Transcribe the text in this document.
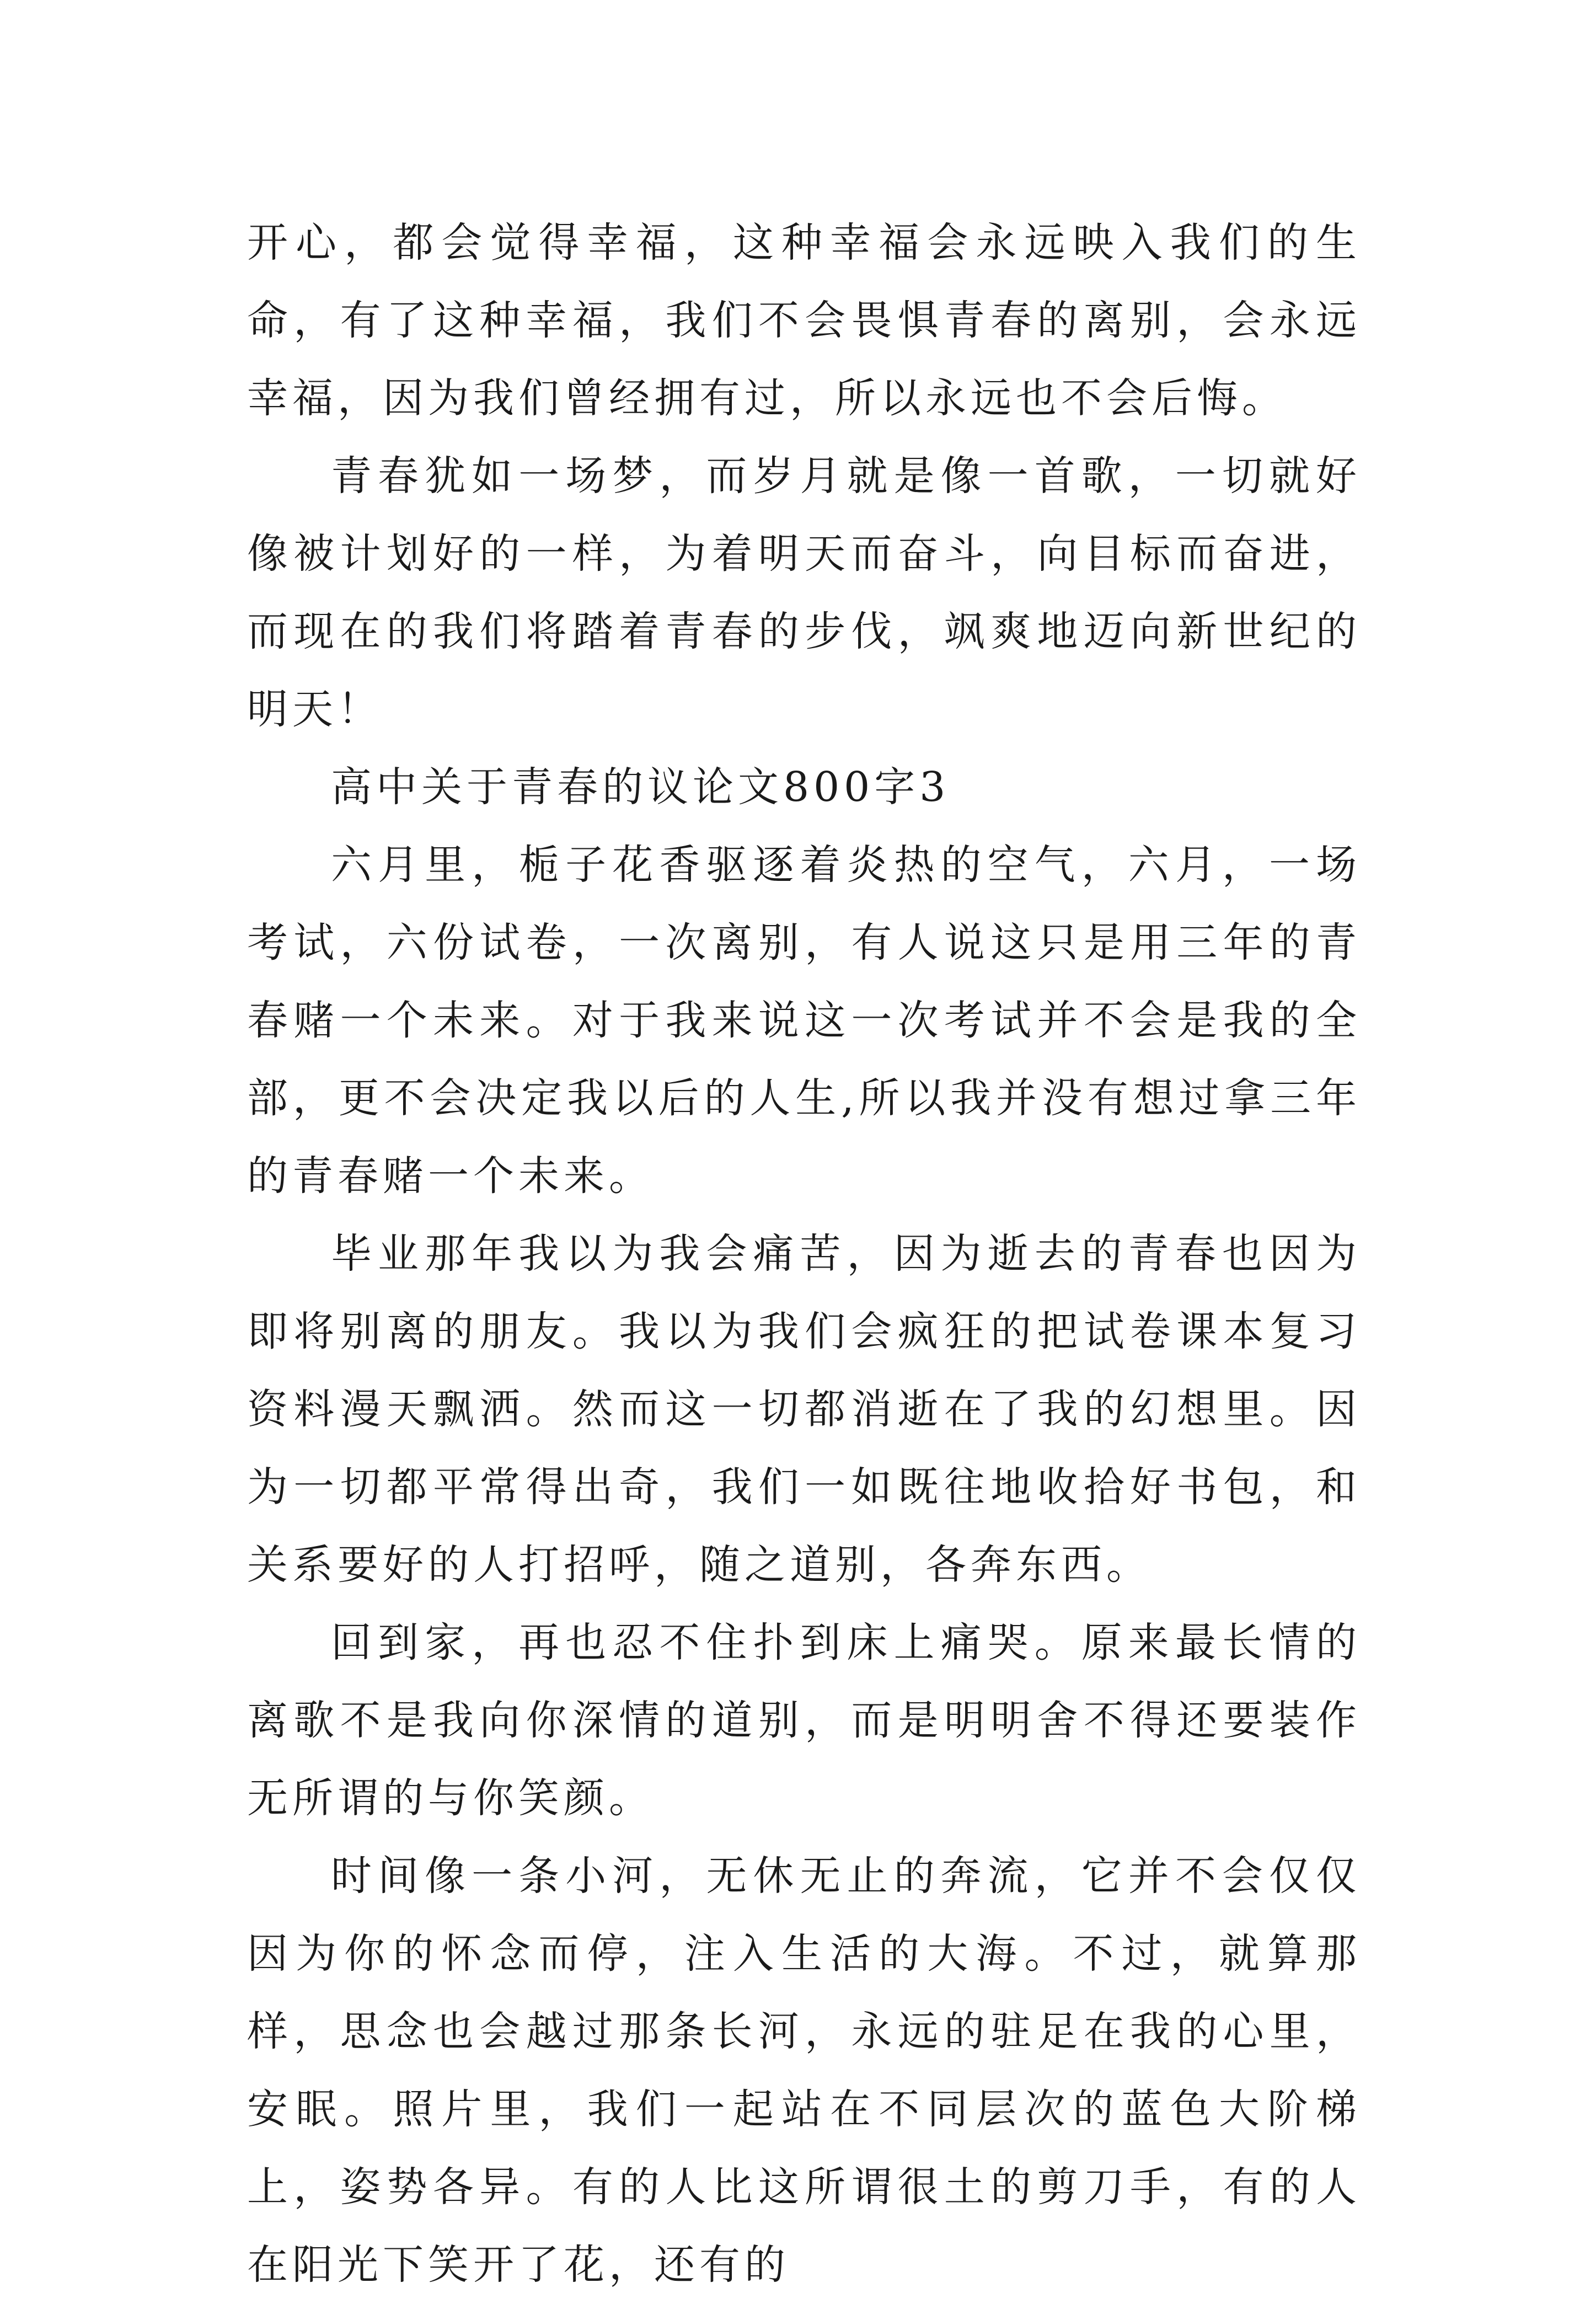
开心，都会觉得幸福，这种幸福会永远映入我们的生命，有了这种幸福，我们不会畏惧青春的离别，会永远幸福，因为我们曾经拥有过，所以永远也不会后悔。

青春犹如一场梦，而岁月就是像一首歌，一切就好像被计划好的一样，为着明天而奋斗，向目标而奋进，而现在的我们将踏着青春的步伐，飒爽地迈向新世纪的明天！

高中关于青春的议论文800字3

六月里，栀子花香驱逐着炎热的空气，六月，一场考试，六份试卷，一次离别，有人说这只是用三年的青春赌一个未来。对于我来说这一次考试并不会是我的全部，更不会决定我以后的人生,所以我并没有想过拿三年的青春赌一个未来。

毕业那年我以为我会痛苦，因为逝去的青春也因为即将别离的朋友。我以为我们会疯狂的把试卷课本复习资料漫天飘洒。然而这一切都消逝在了我的幻想里。因为一切都平常得出奇，我们一如既往地收拾好书包，和关系要好的人打招呼，随之道别，各奔东西。

回到家，再也忍不住扑到床上痛哭。原来最长情的离歌不是我向你深情的道别，而是明明舍不得还要装作无所谓的与你笑颜。

时间像一条小河，无休无止的奔流，它并不会仅仅因为你的怀念而停，注入生活的大海。不过，就算那样，思念也会越过那条长河，永远的驻足在我的心里，安眠。照片里，我们一起站在不同层次的蓝色大阶梯上，姿势各异。有的人比这所谓很土的剪刀手，有的人在阳光下笑开了花，还有的
